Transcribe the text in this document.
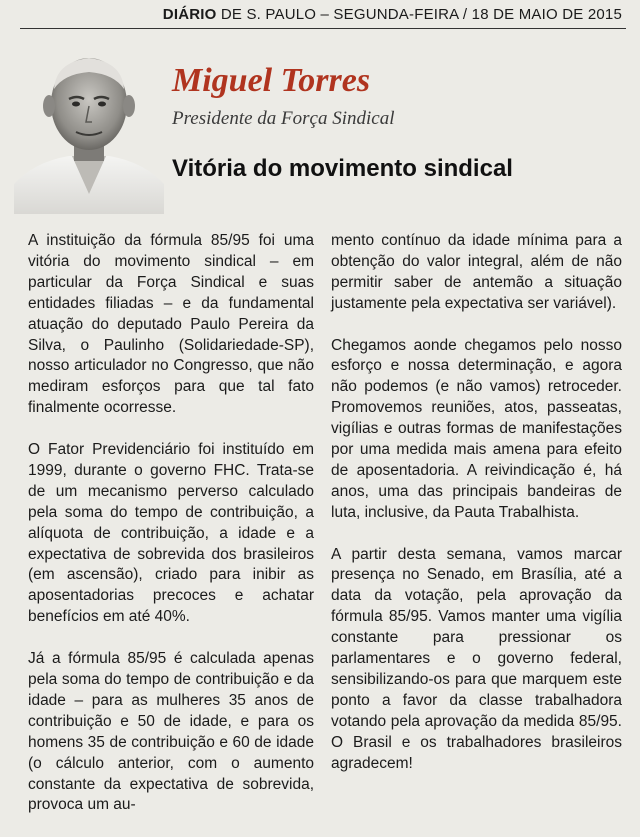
DIÁRIO DE S. PAULO – SEGUNDA-FEIRA / 18 DE MAIO DE 2015
Miguel Torres
Presidente da Força Sindical
Vitória do movimento sindical

A instituição da fórmula 85/95 foi uma vitória do movimento sindical – em particular da Força Sindical e suas entidades filiadas – e da fundamental atuação do deputado Paulo Pereira da Silva, o Paulinho (Solidariedade-SP), nosso articulador no Congresso, que não mediram esforços para que tal fato finalmente ocorresse.

O Fator Previdenciário foi instituído em 1999, durante o governo FHC. Trata-se de um mecanismo perverso calculado pela soma do tempo de contribuição, a alíquota de contribuição, a idade e a expectativa de sobrevida dos brasileiros (em ascensão), criado para inibir as aposentadorias precoces e achatar benefícios em até 40%.

Já a fórmula 85/95 é calculada apenas pela soma do tempo de contribuição e da idade – para as mulheres 35 anos de contribuição e 50 de idade, e para os homens 35 de contribuição e 60 de idade (o cálculo anterior, com o aumento constante da expectativa de sobrevida, provoca um au-

mento contínuo da idade mínima para a obtenção do valor integral, além de não permitir saber de antemão a situação justamente pela expectativa ser variável).

Chegamos aonde chegamos pelo nosso esforço e nossa determinação, e agora não podemos (e não vamos) retroceder. Promovemos reuniões, atos, passeatas, vigílias e outras formas de manifestações por uma medida mais amena para efeito de aposentadoria. A reivindicação é, há anos, uma das principais bandeiras de luta, inclusive, da Pauta Trabalhista.

A partir desta semana, vamos marcar presença no Senado, em Brasília, até a data da votação, pela aprovação da fórmula 85/95. Vamos manter uma vigília constante para pressionar os parlamentares e o governo federal, sensibilizando-os para que marquem este ponto a favor da classe trabalhadora votando pela aprovação da medida 85/95. O Brasil e os trabalhadores brasileiros agradecem!
